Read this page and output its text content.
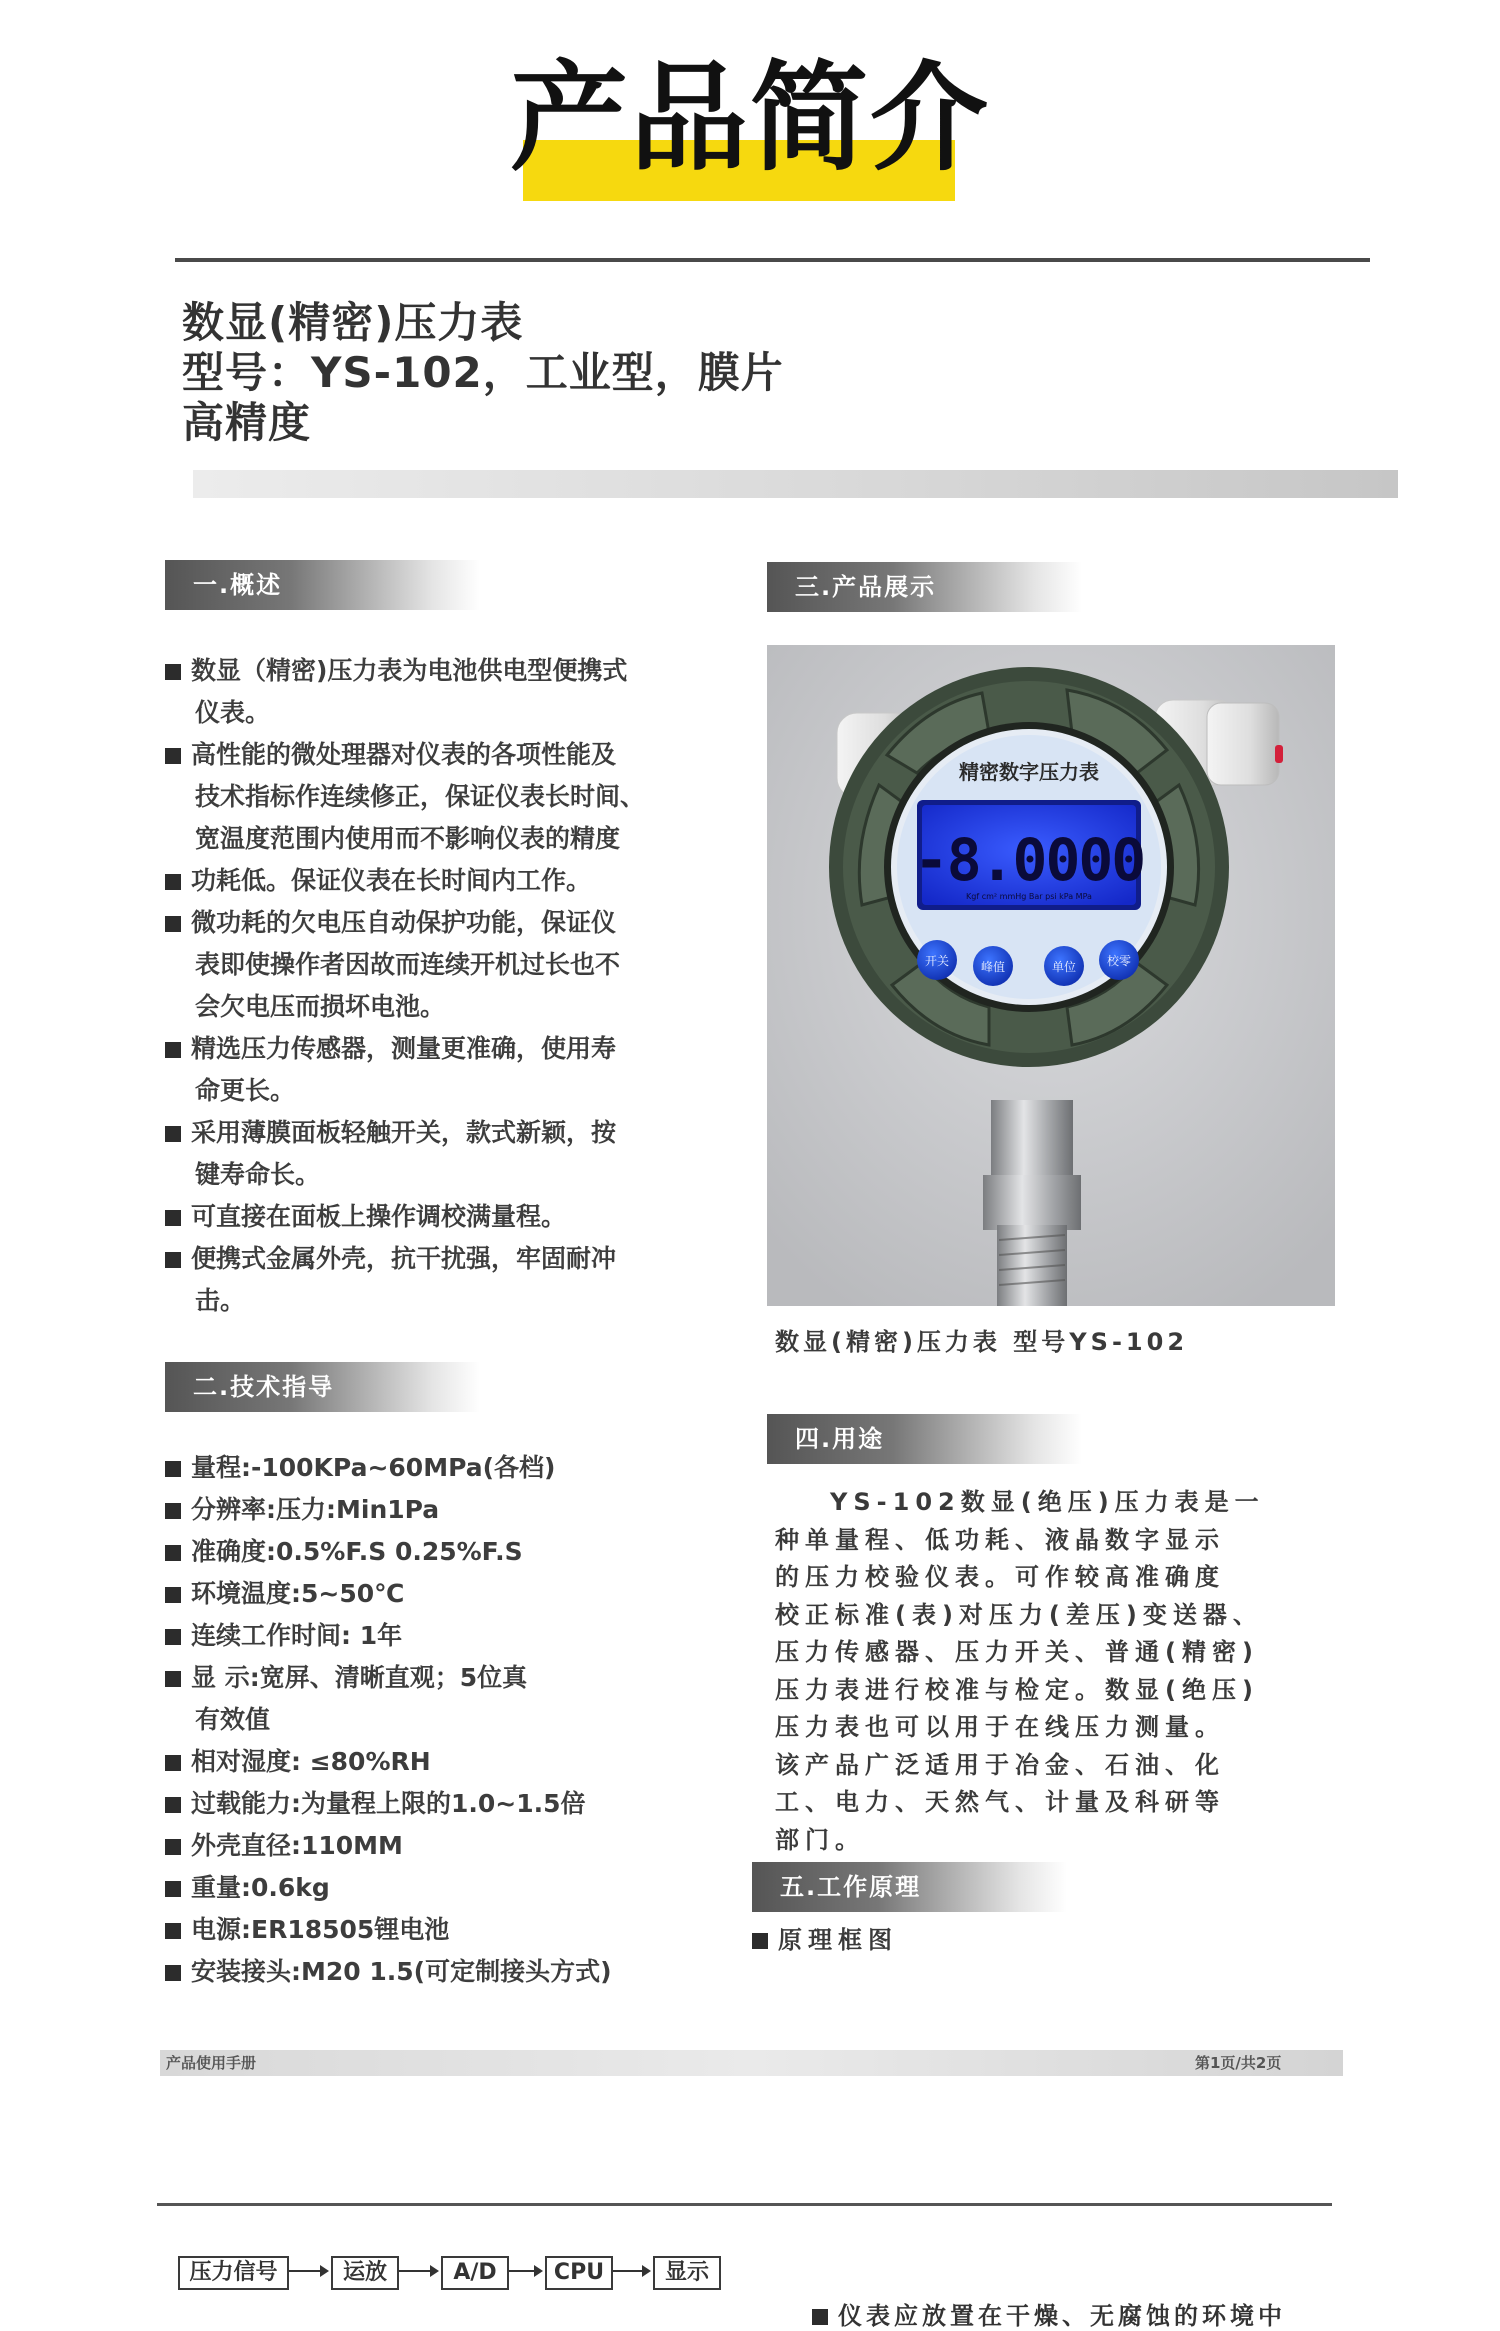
产品简介
数显(精密)压力表
型号：YS-102，工业型，膜片
高精度
一.概述
数显（精密)压力表为电池供电型便携式
仪表。
高性能的微处理器对仪表的各项性能及
技术指标作连续修正，保证仪表长时间、
宽温度范围内使用而不影响仪表的精度
功耗低。保证仪表在长时间内工作。
微功耗的欠电压自动保护功能，保证仪
表即使操作者因故而连续开机过长也不
会欠电压而损坏电池。
精选压力传感器，测量更准确，使用寿
命更长。
采用薄膜面板轻触开关，款式新颖，按
键寿命长。
可直接在面板上操作调校满量程。
便携式金属外壳，抗干扰强，牢固耐冲
击。
二.技术指导
量程:-100KPa~60MPa(各档)
分辨率:压力:Min1Pa
准确度:0.5%F.S 0.25%F.S
环境温度:5~50℃
连续工作时间: 1年
显 示:宽屏、清晰直观；5位真
有效值
相对湿度: ≤80%RH
过载能力:为量程上限的1.0~1.5倍
外壳直径:110MM
重量:0.6kg
电源:ER18505锂电池
安装接头:M20 1.5(可定制接头方式)
三.产品展示
精密数字压力表
-8.0000
Kgf cm² mmHg Bar psi kPa MPa
开关	峰值	单位	校零
数显(精密)压力表 型号YS-102
四.用途
YS-102数显(绝压)压力表是一
种单量程、低功耗、液晶数字显示
的压力校验仪表。可作较高准确度
校正标准(表)对压力(差压)变送器、
压力传感器、压力开关、普通(精密)
压力表进行校准与检定。数显(绝压)
压力表也可以用于在线压力测量。
该产品广泛适用于冶金、石油、化
工、电力、天然气、计量及科研等
部门。
五.工作原理
原理框图
产品使用手册	第1页/共2页
压力信号	运放	A/D	CPU	显示
仪表应放置在干燥、无腐蚀的环境中
